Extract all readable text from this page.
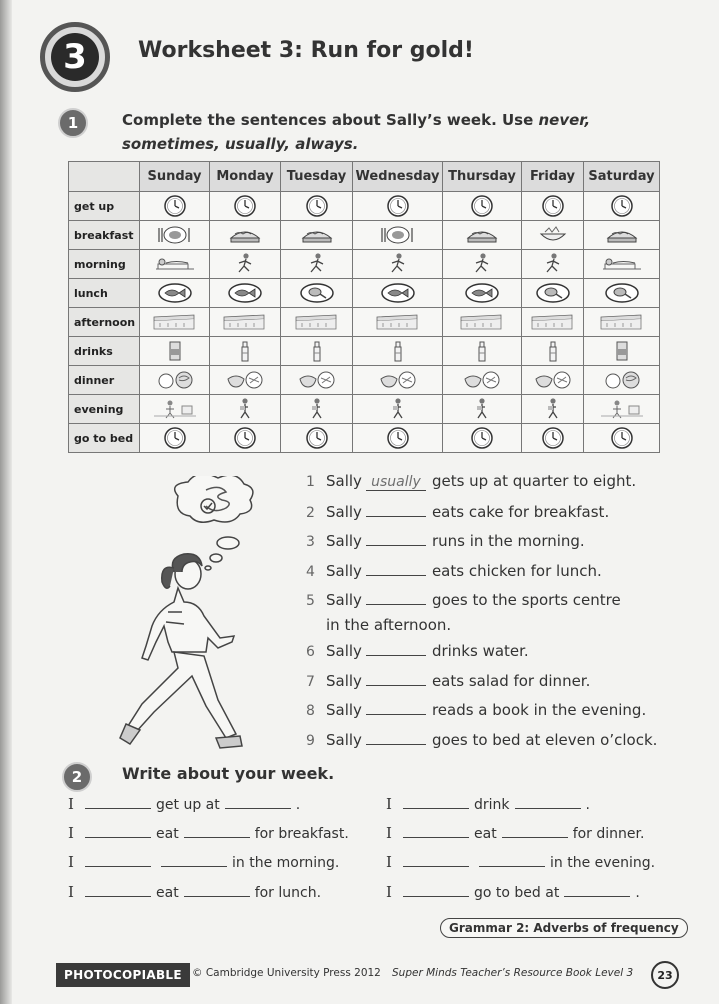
3	Worksheet 3: Run for gold!
1	Complete the sentences about Sally’s week. Use never, sometimes, usually, always.
	Sunday	Monday	Tuesday	Wednesday	Thursday	Friday	Saturday
get up	

breakfast	

morning	

lunch	

afternoon	

drinks	

dinner	

evening	

go to bed	

1 Sally usually gets up at quarter to eight.
2 Sally	eats cake for breakfast.
3 Sally	runs in the morning.
4 Sally	eats chicken for lunch.
5 Sally	goes to the sports centre
in the afternoon.
6 Sally	drinks water.
7 Sally	eats salad for dinner.
8 Sally	reads a book in the evening.
9 Sally	goes to bed at eleven o’clock.
2	Write about your week.
I	get up at	.
I	eat	for breakfast.
I	in the morning.
I	eat	for lunch.
I	drink	.
I	eat	for dinner.
I	in the evening.
I	go to bed at	.
Grammar 2: Adverbs of frequency
PHOTOCOPIABLE © Cambridge University Press 2012 Super Minds Teacher’s Resource Book Level 3	23
